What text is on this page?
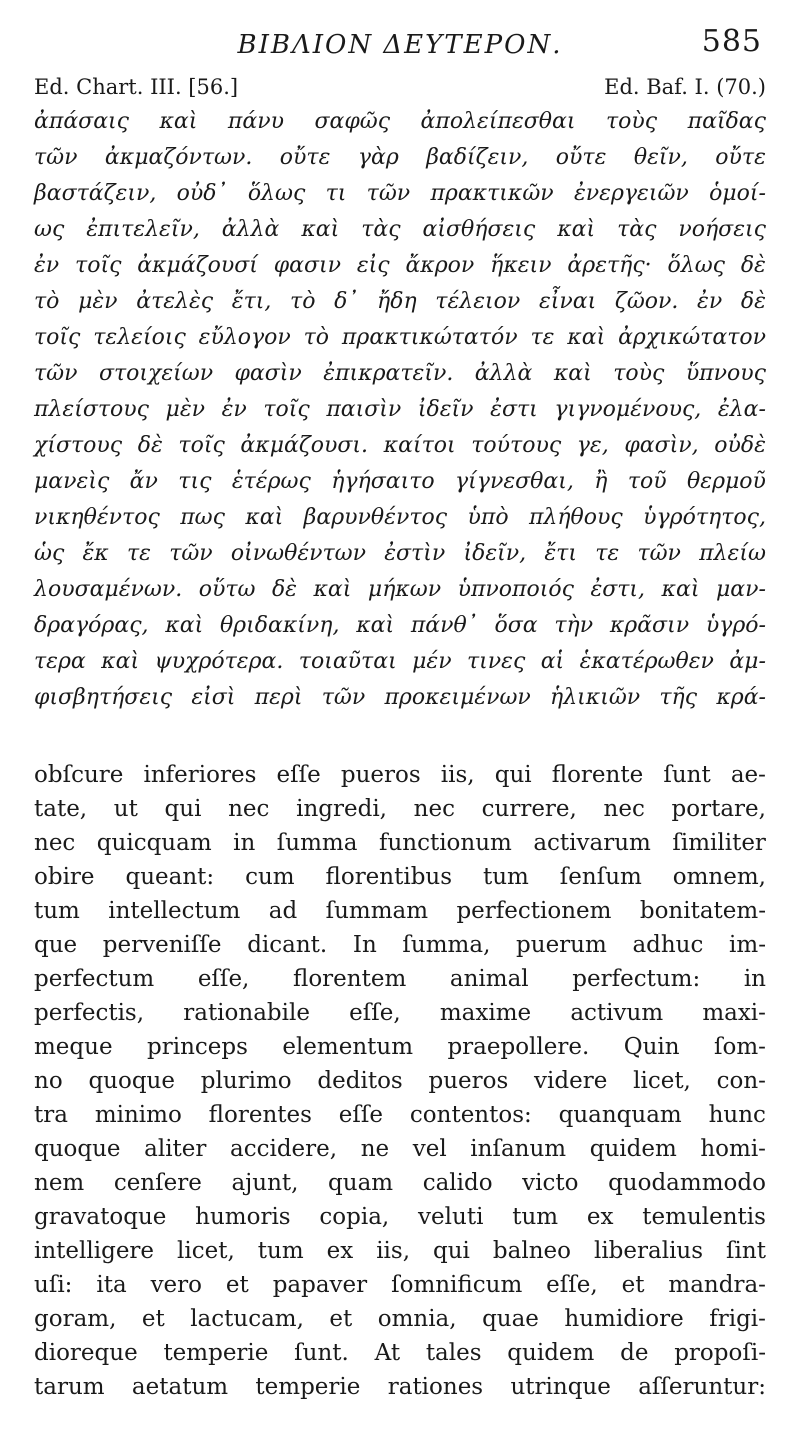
ΒΙΒΛΙΟΝ ΔΕΥΤΕΡΟΝ.	585
Ed. Chart. III. [56.]	Ed. Baf. I. (70.)
ἀπάσαις καὶ πάνυ σαφῶς ἀπολείπεσθαι τοὺς παῖδας
τῶν ἀκμαζόντων. οὔτε γὰρ βαδίζειν, οὔτε θεῖν, οὔτε
βαστάζειν, οὐδ᾽ ὅλως τι τῶν πρακτικῶν ἐνεργειῶν ὁμοί-
ως ἐπιτελεῖν, ἀλλὰ καὶ τὰς αἰσθήσεις καὶ τὰς νοήσεις
ἐν τοῖς ἀκμάζουσί φασιν εἰς ἄκρον ἥκειν ἀρετῆς· ὅλως δὲ
τὸ μὲν ἀτελὲς ἔτι, τὸ δ᾽ ἤδη τέλειον εἶναι ζῶον. ἐν δὲ
τοῖς τελείοις εὔλογον τὸ πρακτικώτατόν τε καὶ ἀρχικώτατον
τῶν στοιχείων φασὶν ἐπικρατεῖν. ἀλλὰ καὶ τοὺς ὕπνους
πλείστους μὲν ἐν τοῖς παισὶν ἰδεῖν ἐστι γιγνομένους, ἐλα-
χίστους δὲ τοῖς ἀκμάζουσι. καίτοι τούτους γε, φασὶν, οὐδὲ
μανεὶς ἄν τις ἑτέρως ἡγήσαιτο γίγνεσθαι, ἢ τοῦ θερμοῦ
νικηθέντος πως καὶ βαρυνθέντος ὑπὸ πλήθους ὑγρότητος,
ὡς ἔκ τε τῶν οἰνωθέντων ἐστὶν ἰδεῖν, ἔτι τε τῶν πλείω
λουσαμένων. οὕτω δὲ καὶ μήκων ὑπνοποιός ἐστι, καὶ μαν-
δραγόρας, καὶ θριδακίνη, καὶ πάνθ᾽ ὅσα τὴν κρᾶσιν ὑγρό-
τερα καὶ ψυχρότερα. τοιαῦται μέν τινες αἱ ἑκατέρωθεν ἀμ-
φισβητήσεις εἰσὶ περὶ τῶν προκειμένων ἡλικιῶν τῆς κρά-
obſcure inferiores eſſe pueros iis, qui florente ſunt ae-
tate, ut qui nec ingredi, nec currere, nec portare,
nec quicquam in ſumma functionum activarum ſimiliter
obire queant: cum florentibus tum ſenſum omnem,
tum intellectum ad ſummam perfectionem bonitatem-
que perveniſſe dicant. In ſumma, puerum adhuc im-
perfectum eſſe, florentem animal perfectum: in
perfectis, rationabile eſſe, maxime activum maxi-
meque princeps elementum praepollere. Quin ſom-
no quoque plurimo deditos pueros videre licet, con-
tra minimo florentes eſſe contentos: quanquam hunc
quoque aliter accidere, ne vel inſanum quidem homi-
nem cenſere ajunt, quam calido victo quodammodo
gravatoque humoris copia, veluti tum ex temulentis
intelligere licet, tum ex iis, qui balneo liberalius ſint
uſi: ita vero et papaver ſomnificum eſſe, et mandra-
goram, et lactucam, et omnia, quae humidiore frigi-
dioreque temperie ſunt. At tales quidem de propoſi-
tarum aetatum temperie rationes utrinque aſſeruntur:
